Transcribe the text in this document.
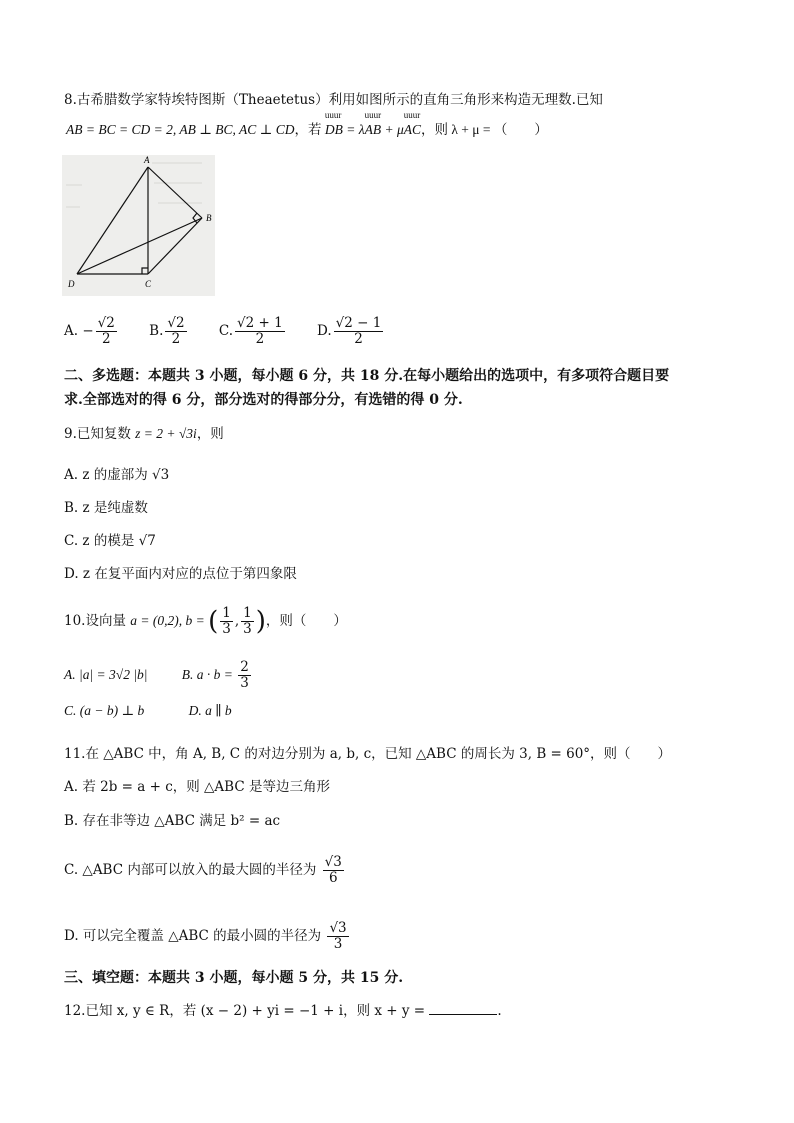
8.古希腊数学家特埃特图斯（Theaetetus）利用如图所示的直角三角形来构造无理数.已知
AB = BC = CD = 2, AB ⊥ BC, AC ⊥ CD，若
uuur
DB = λ
uuur
AB + μ
uuur
AC，则 λ + μ = （　　）
A
B
C
D
A. − $\frac{√2}{2} B$. $\frac{√2}{2} C$. $\frac{√2 + 1}{2} D$. $\frac{√2 - 1}{2}$
二、多选题：本题共 3 小题，每小题 6 分，共 18 分.在每小题给出的选项中，有多项符合题目要
求.全部选对的得 6 分，部分选对的得部分分，有选错的得 0 分.
9.已知复数 z = 2 + √3i，则
A. z 的虚部为 √3
B. z 是纯虚数
C. z 的模是 √7
D. z 在复平面内对应的点位于第四象限
10.设向量 a = (0,2), b = ( $\frac{1}{3}$ , $\frac{1}{3}$ )，则（　　）
A. |a| = 3√2 |b|	B. $a \cdot b = \frac{2}{3}$
C. (a − b) ⊥ b	D. a ∥ b
11.在 △ABC 中，角 A, B, C 的对边分别为 a, b, c，已知 △ABC 的周长为 3, B = 60°，则（　　）
A. 若 2b = a + c，则 △ABC 是等边三角形
B. 存在非等边 △ABC 满足 b² = ac
C. △ABC 内部可以放入的最大圆的半径为 $\frac{√3}{6}$
D. 可以完全覆盖 △ABC 的最小圆的半径为 $\frac{√3}{3}$
三、填空题：本题共 3 小题，每小题 5 分，共 15 分.
12.已知 x, y ∈ R，若 (x − 2) + yi = −1 + i，则 x + y =	.
